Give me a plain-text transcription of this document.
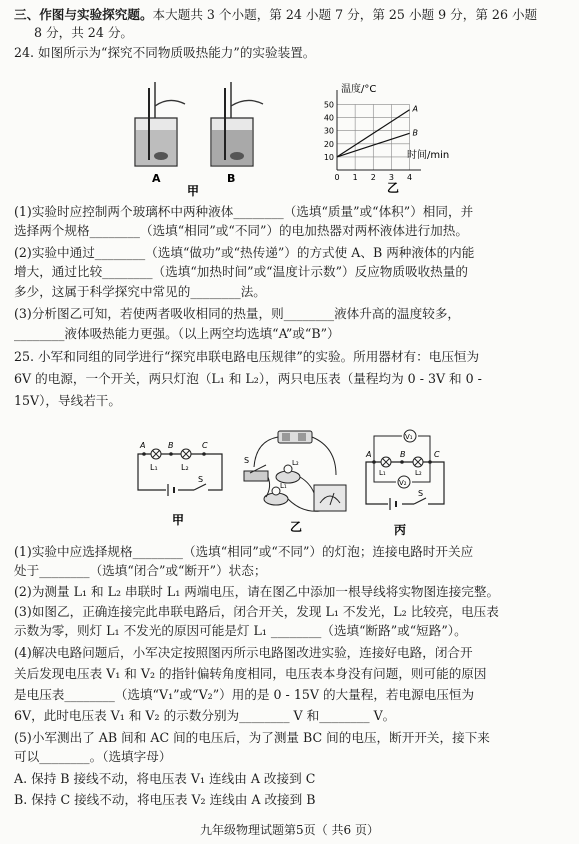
三、作图与实验探究题。本大题共 3 个小题，第 24 小题 7 分，第 25 小题 9 分，第 26 小题
8 分，共 24 分。
24. 如图所示为“探究不同物质吸热能力”的实验装置。
A	B
甲
温度/°C
时间/min
乙
10
20
30
40
50
0 1 2 3 4
A
B
(1)实验时应控制两个玻璃杯中两种液体________（选填“质量”或“体积”）相同，并
选择两个规格________（选填“相同”或“不同”）的电加热器对两杯液体进行加热。
(2)实验中通过________（选填“做功”或“热传递”）的方式使 A、B 两种液体的内能
增大，通过比较________（选填“加热时间”或“温度计示数”）反应物质吸收热量的
多少，这属于科学探究中常见的________法。
(3)分析图乙可知，若使两者吸收相同的热量，则________液体升高的温度较多，
________液体吸热能力更强。（以上两空均选填“A”或“B”）
25. 小军和同组的同学进行“探究串联电路电压规律”的实验。所用器材有：电压恒为
6V 的电源，一个开关，两只灯泡（L₁ 和 L₂），两只电压表（量程均为 0 - 3V 和 0 -
15V），导线若干。
A	B	C
L₁	L₂
S
甲
S	L₂
L₁
乙
V₁
V₂
A	B	C
L₁	L₂
S
丙
(1)实验中应选择规格________（选填“相同”或“不同”）的灯泡；连接电路时开关应
处于________（选填“闭合”或“断开”）状态；
(2)为测量 L₁ 和 L₂ 串联时 L₁ 两端电压，请在图乙中添加一根导线将实物图连接完整。
(3)如图乙，正确连接完此串联电路后，闭合开关，发现 L₁ 不发光，L₂ 比较亮，电压表
示数为零，则灯 L₁ 不发光的原因可能是灯 L₁ ________（选填“断路”或“短路”）。
(4)解决电路问题后，小军决定按照图丙所示电路图改进实验，连接好电路，闭合开
关后发现电压表 V₁ 和 V₂ 的指针偏转角度相同，电压表本身没有问题，则可能的原因
是电压表________（选填“V₁”或“V₂”）用的是 0 - 15V 的大量程，若电源电压恒为
6V，此时电压表 V₁ 和 V₂ 的示数分别为________ V 和________ V。
(5)小军测出了 AB 间和 AC 间的电压后，为了测量 BC 间的电压，断开开关，接下来
可以________。（选填字母）
A. 保持 B 接线不动，将电压表 V₁ 连线由 A 改接到 C
B. 保持 C 接线不动，将电压表 V₂ 连线由 A 改接到 B
九年级物理试题第5页（ 共6 页）
